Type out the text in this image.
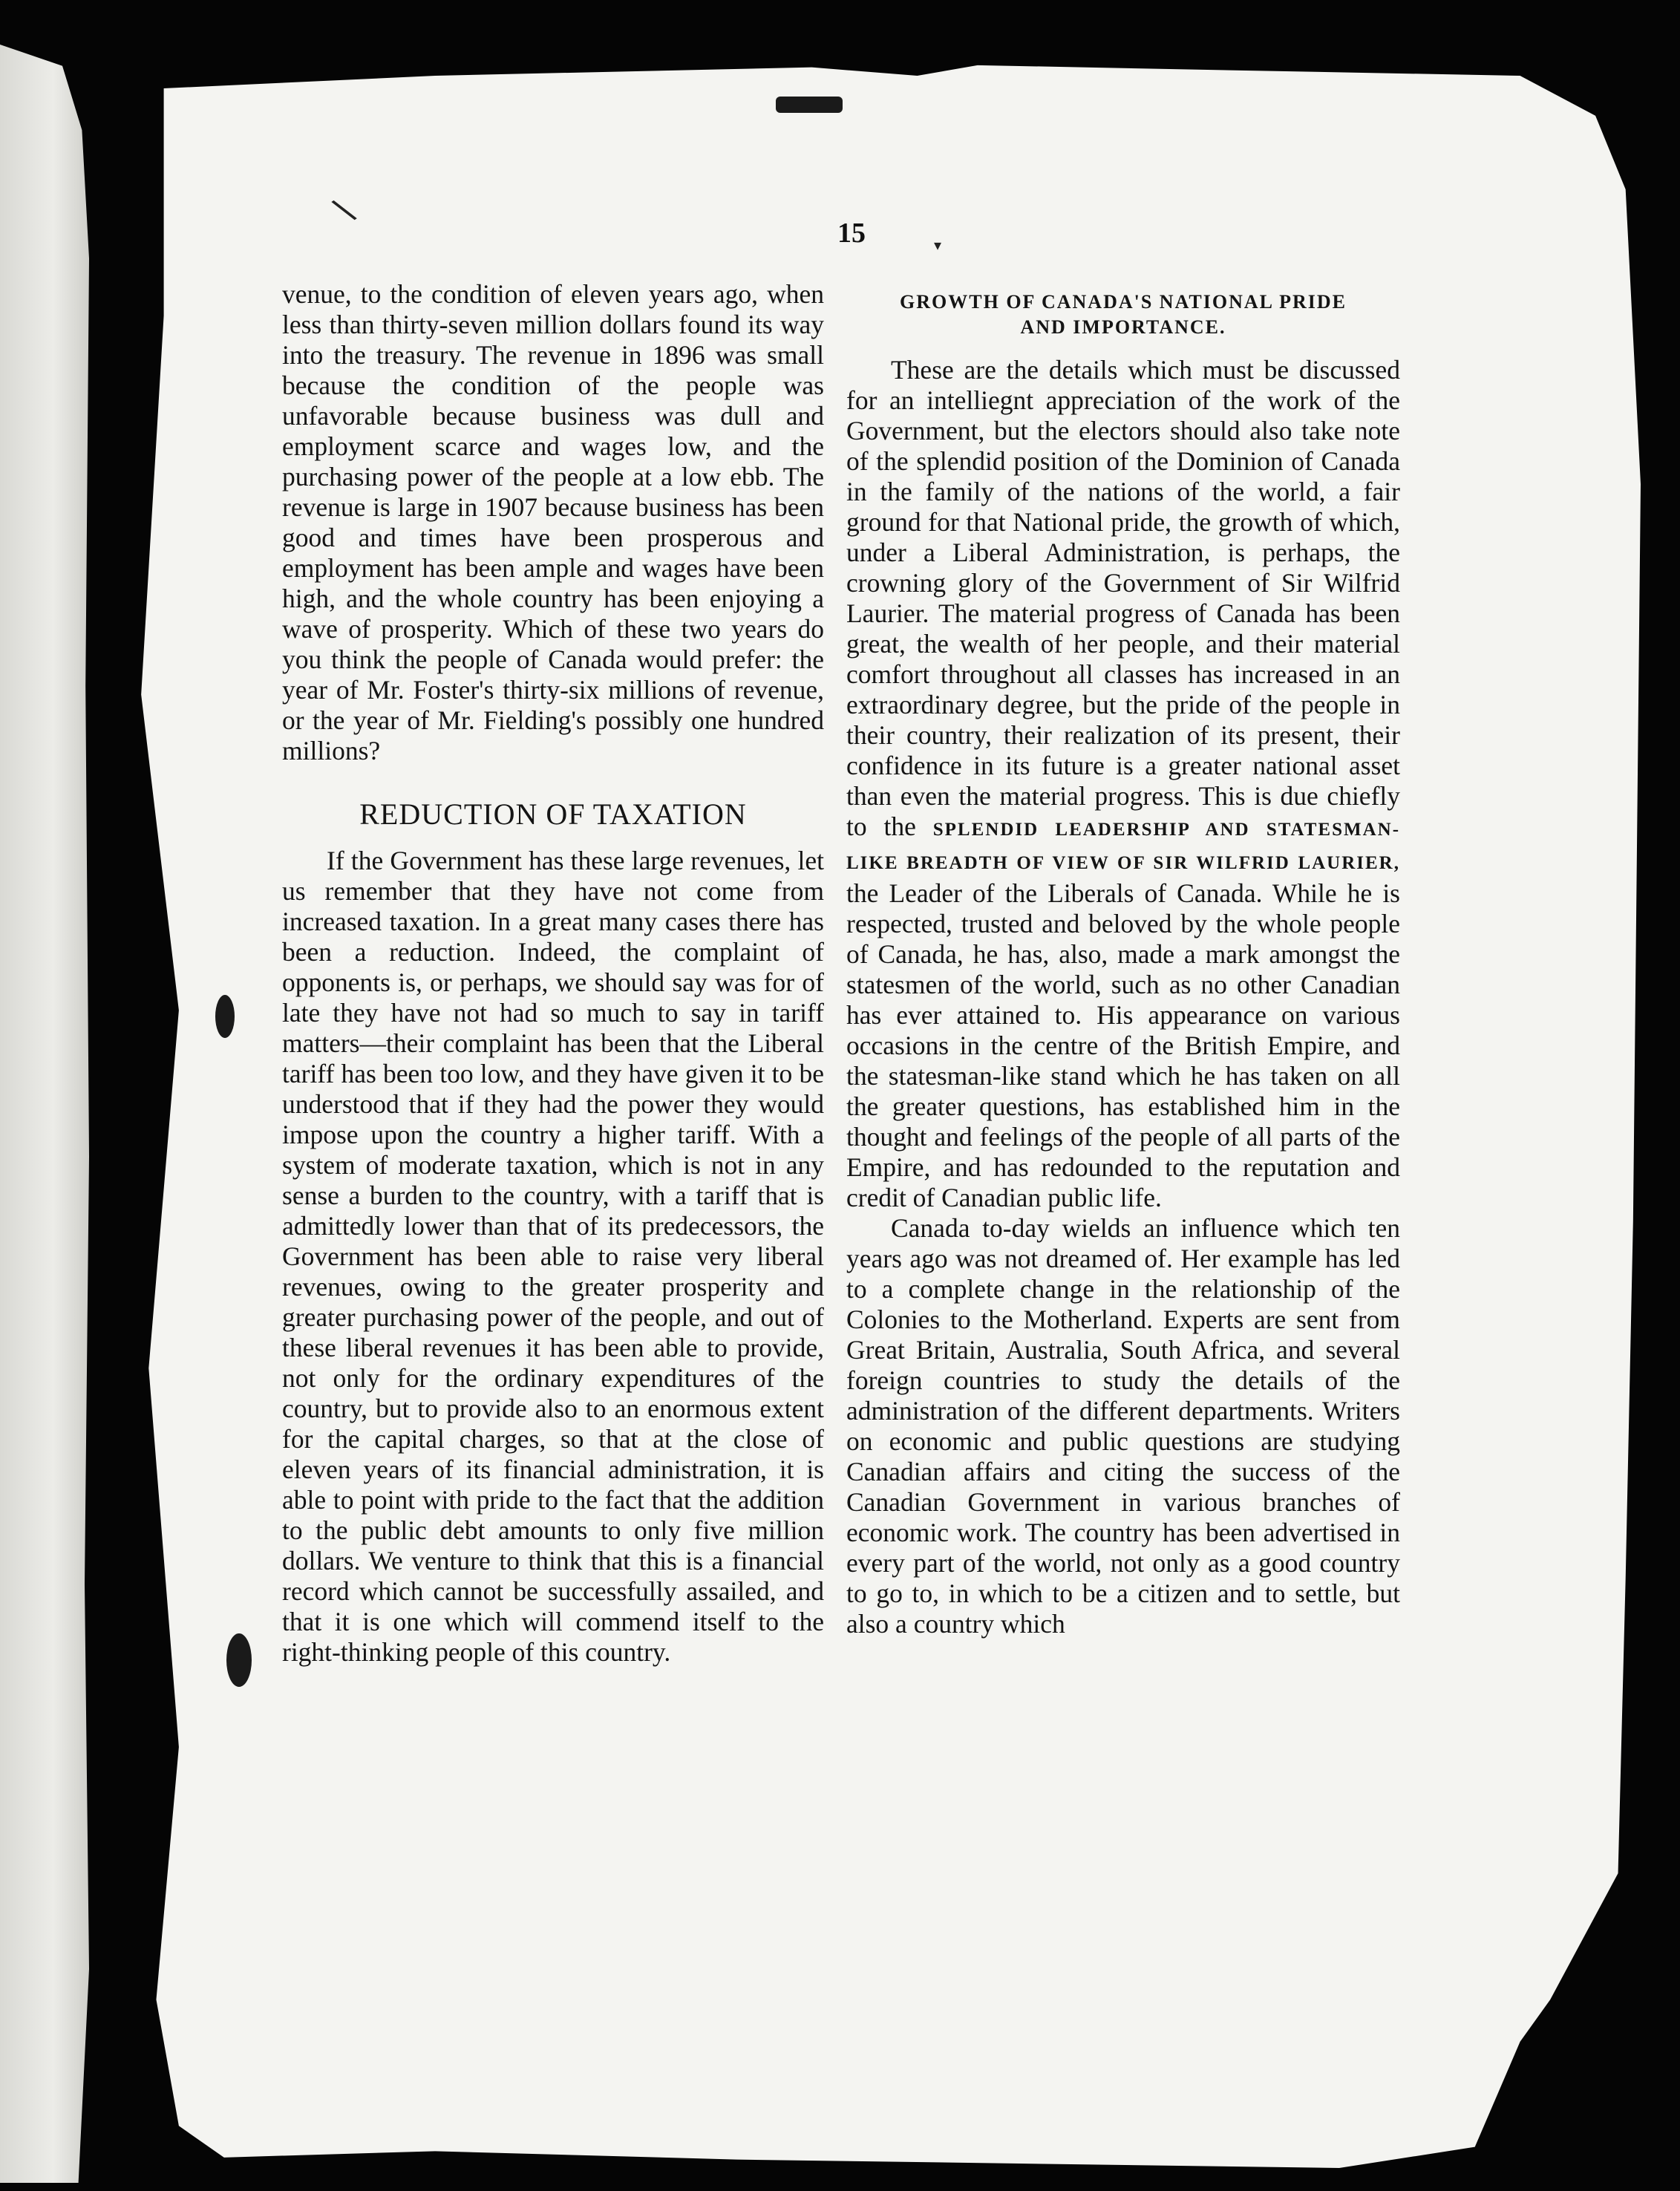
\
▾
15

venue, to the condition of eleven years ago, when less than thirty-seven million dollars found its way into the treasury. The revenue in 1896 was small because the condition of the people was unfavorable because business was dull and employment scarce and wages low, and the purchasing power of the people at a low ebb. The revenue is large in 1907 because business has been good and times have been prosperous and employment has been ample and wages have been high, and the whole country has been enjoying a wave of prosperity. Which of these two years do you think the people of Canada would prefer: the year of Mr. Foster's thirty-six millions of revenue, or the year of Mr. Fielding's possibly one hundred millions?

REDUCTION OF TAXATION

If the Government has these large revenues, let us remember that they have not come from increased taxation. In a great many cases there has been a reduction. Indeed, the complaint of opponents is, or perhaps, we should say was for of late they have not had so much to say in tariff matters—their complaint has been that the Liberal tariff has been too low, and they have given it to be understood that if they had the power they would impose upon the country a higher tariff. With a system of moderate taxation, which is not in any sense a burden to the country, with a tariff that is admittedly lower than that of its predecessors, the Government has been able to raise very liberal revenues, owing to the greater prosperity and greater purchasing power of the people, and out of these liberal revenues it has been able to provide, not only for the ordinary expenditures of the country, but to provide also to an enormous extent for the capital charges, so that at the close of eleven years of its financial administration, it is able to point with pride to the fact that the addition to the public debt amounts to only five million dollars. We venture to think that this is a financial record which cannot be successfully assailed, and that it is one which will commend itself to the right-thinking people of this country.

GROWTH OF CANADA'S NATIONAL PRIDE
AND IMPORTANCE.

These are the details which must be discussed for an intelliegnt appreciation of the work of the Government, but the electors should also take note of the splendid position of the Dominion of Canada in the family of the nations of the world, a fair ground for that National pride, the growth of which, under a Liberal Administration, is perhaps, the crowning glory of the Government of Sir Wilfrid Laurier. The material progress of Canada has been great, the wealth of her people, and their material comfort throughout all classes has increased in an extraordinary degree, but the pride of the people in their country, their realization of its present, their confidence in its future is a greater national asset than even the material progress. This is due chiefly to the SPLENDID LEADERSHIP AND STATESMAN-LIKE BREADTH OF VIEW OF SIR WILFRID LAURIER, the Leader of the Liberals of Canada. While he is respected, trusted and beloved by the whole people of Canada, he has, also, made a mark amongst the statesmen of the world, such as no other Canadian has ever attained to. His appearance on various occasions in the centre of the British Empire, and the statesman-like stand which he has taken on all the greater questions, has established him in the thought and feelings of the people of all parts of the Empire, and has redounded to the reputation and credit of Canadian public life.

Canada to-day wields an influence which ten years ago was not dreamed of. Her example has led to a complete change in the relationship of the Colonies to the Motherland. Experts are sent from Great Britain, Australia, South Africa, and several foreign countries to study the details of the administration of the different departments. Writers on economic and public questions are studying Canadian affairs and citing the success of the Canadian Government in various branches of economic work. The country has been advertised in every part of the world, not only as a good country to go to, in which to be a citizen and to settle, but also a country which
